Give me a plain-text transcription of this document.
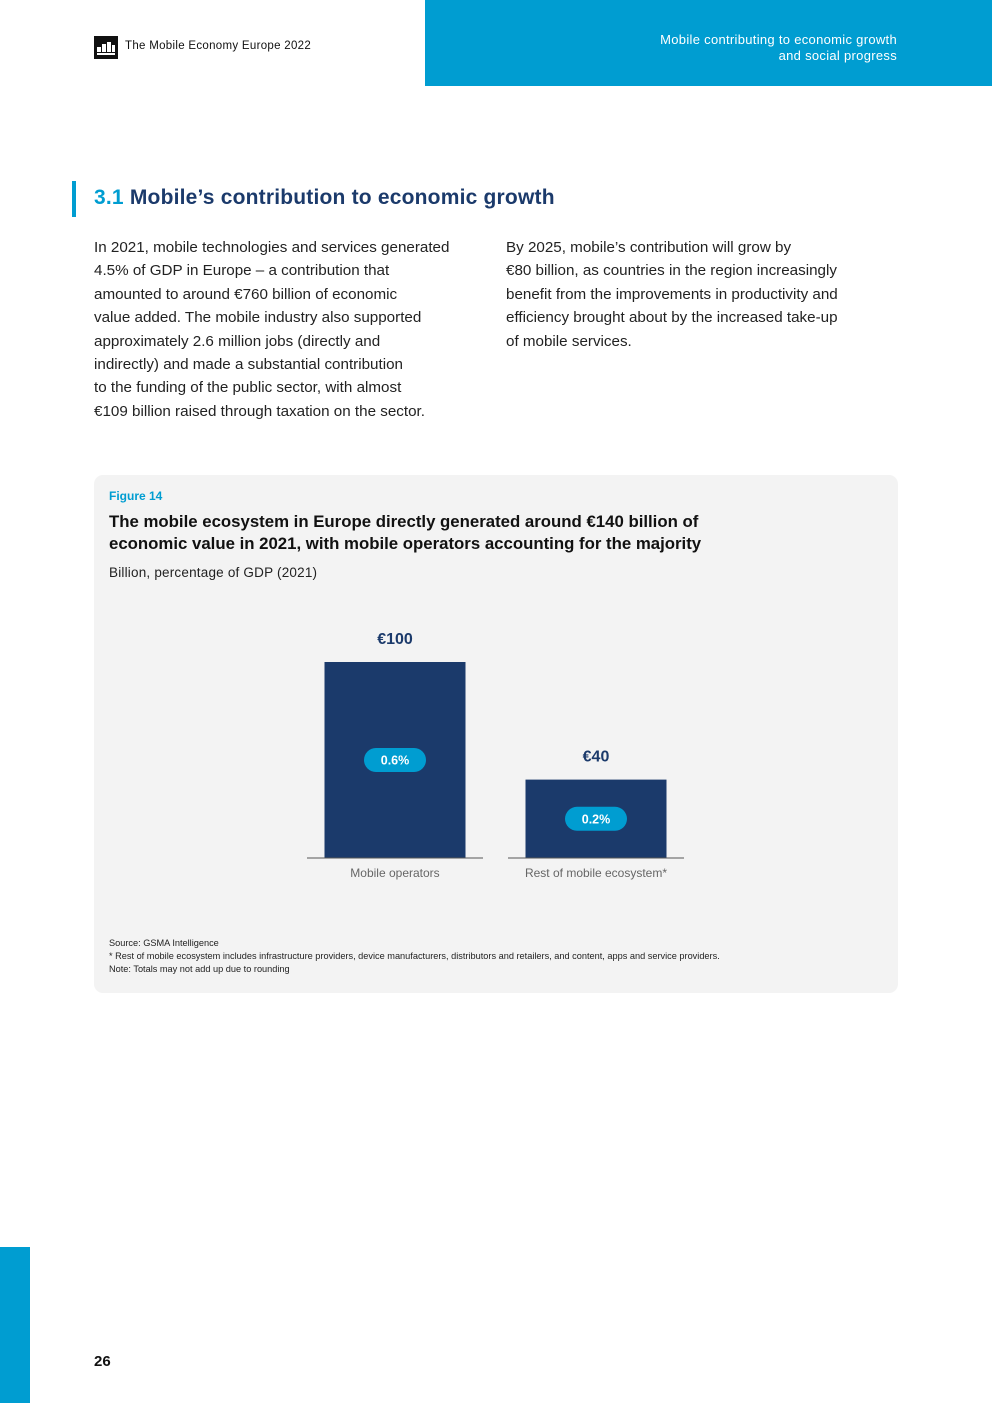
The Mobile Economy Europe 2022	Mobile contributing to economic growth
and social progress
3.1 Mobile’s contribution to economic growth
In 2021, mobile technologies and services generated
4.5% of GDP in Europe – a contribution that
amounted to around €760 billion of economic
value added. The mobile industry also supported
approximately 2.6 million jobs (directly and
indirectly) and made a substantial contribution
to the funding of the public sector, with almost
€109 billion raised through taxation on the sector.
By 2025, mobile’s contribution will grow by
€80 billion, as countries in the region increasingly
benefit from the improvements in productivity and
efficiency brought about by the increased take-up
of mobile services.
Figure 14
The mobile ecosystem in Europe directly generated around €140 billion of
economic value in 2021, with mobile operators accounting for the majority
Billion, percentage of GDP (2021)
€100
0.6%
Mobile operators
€40
0.2%
Rest of mobile ecosystem*
Source: GSMA Intelligence
* Rest of mobile ecosystem includes infrastructure providers, device manufacturers, distributors and retailers, and content, apps and service providers.
Note: Totals may not add up due to rounding
26
